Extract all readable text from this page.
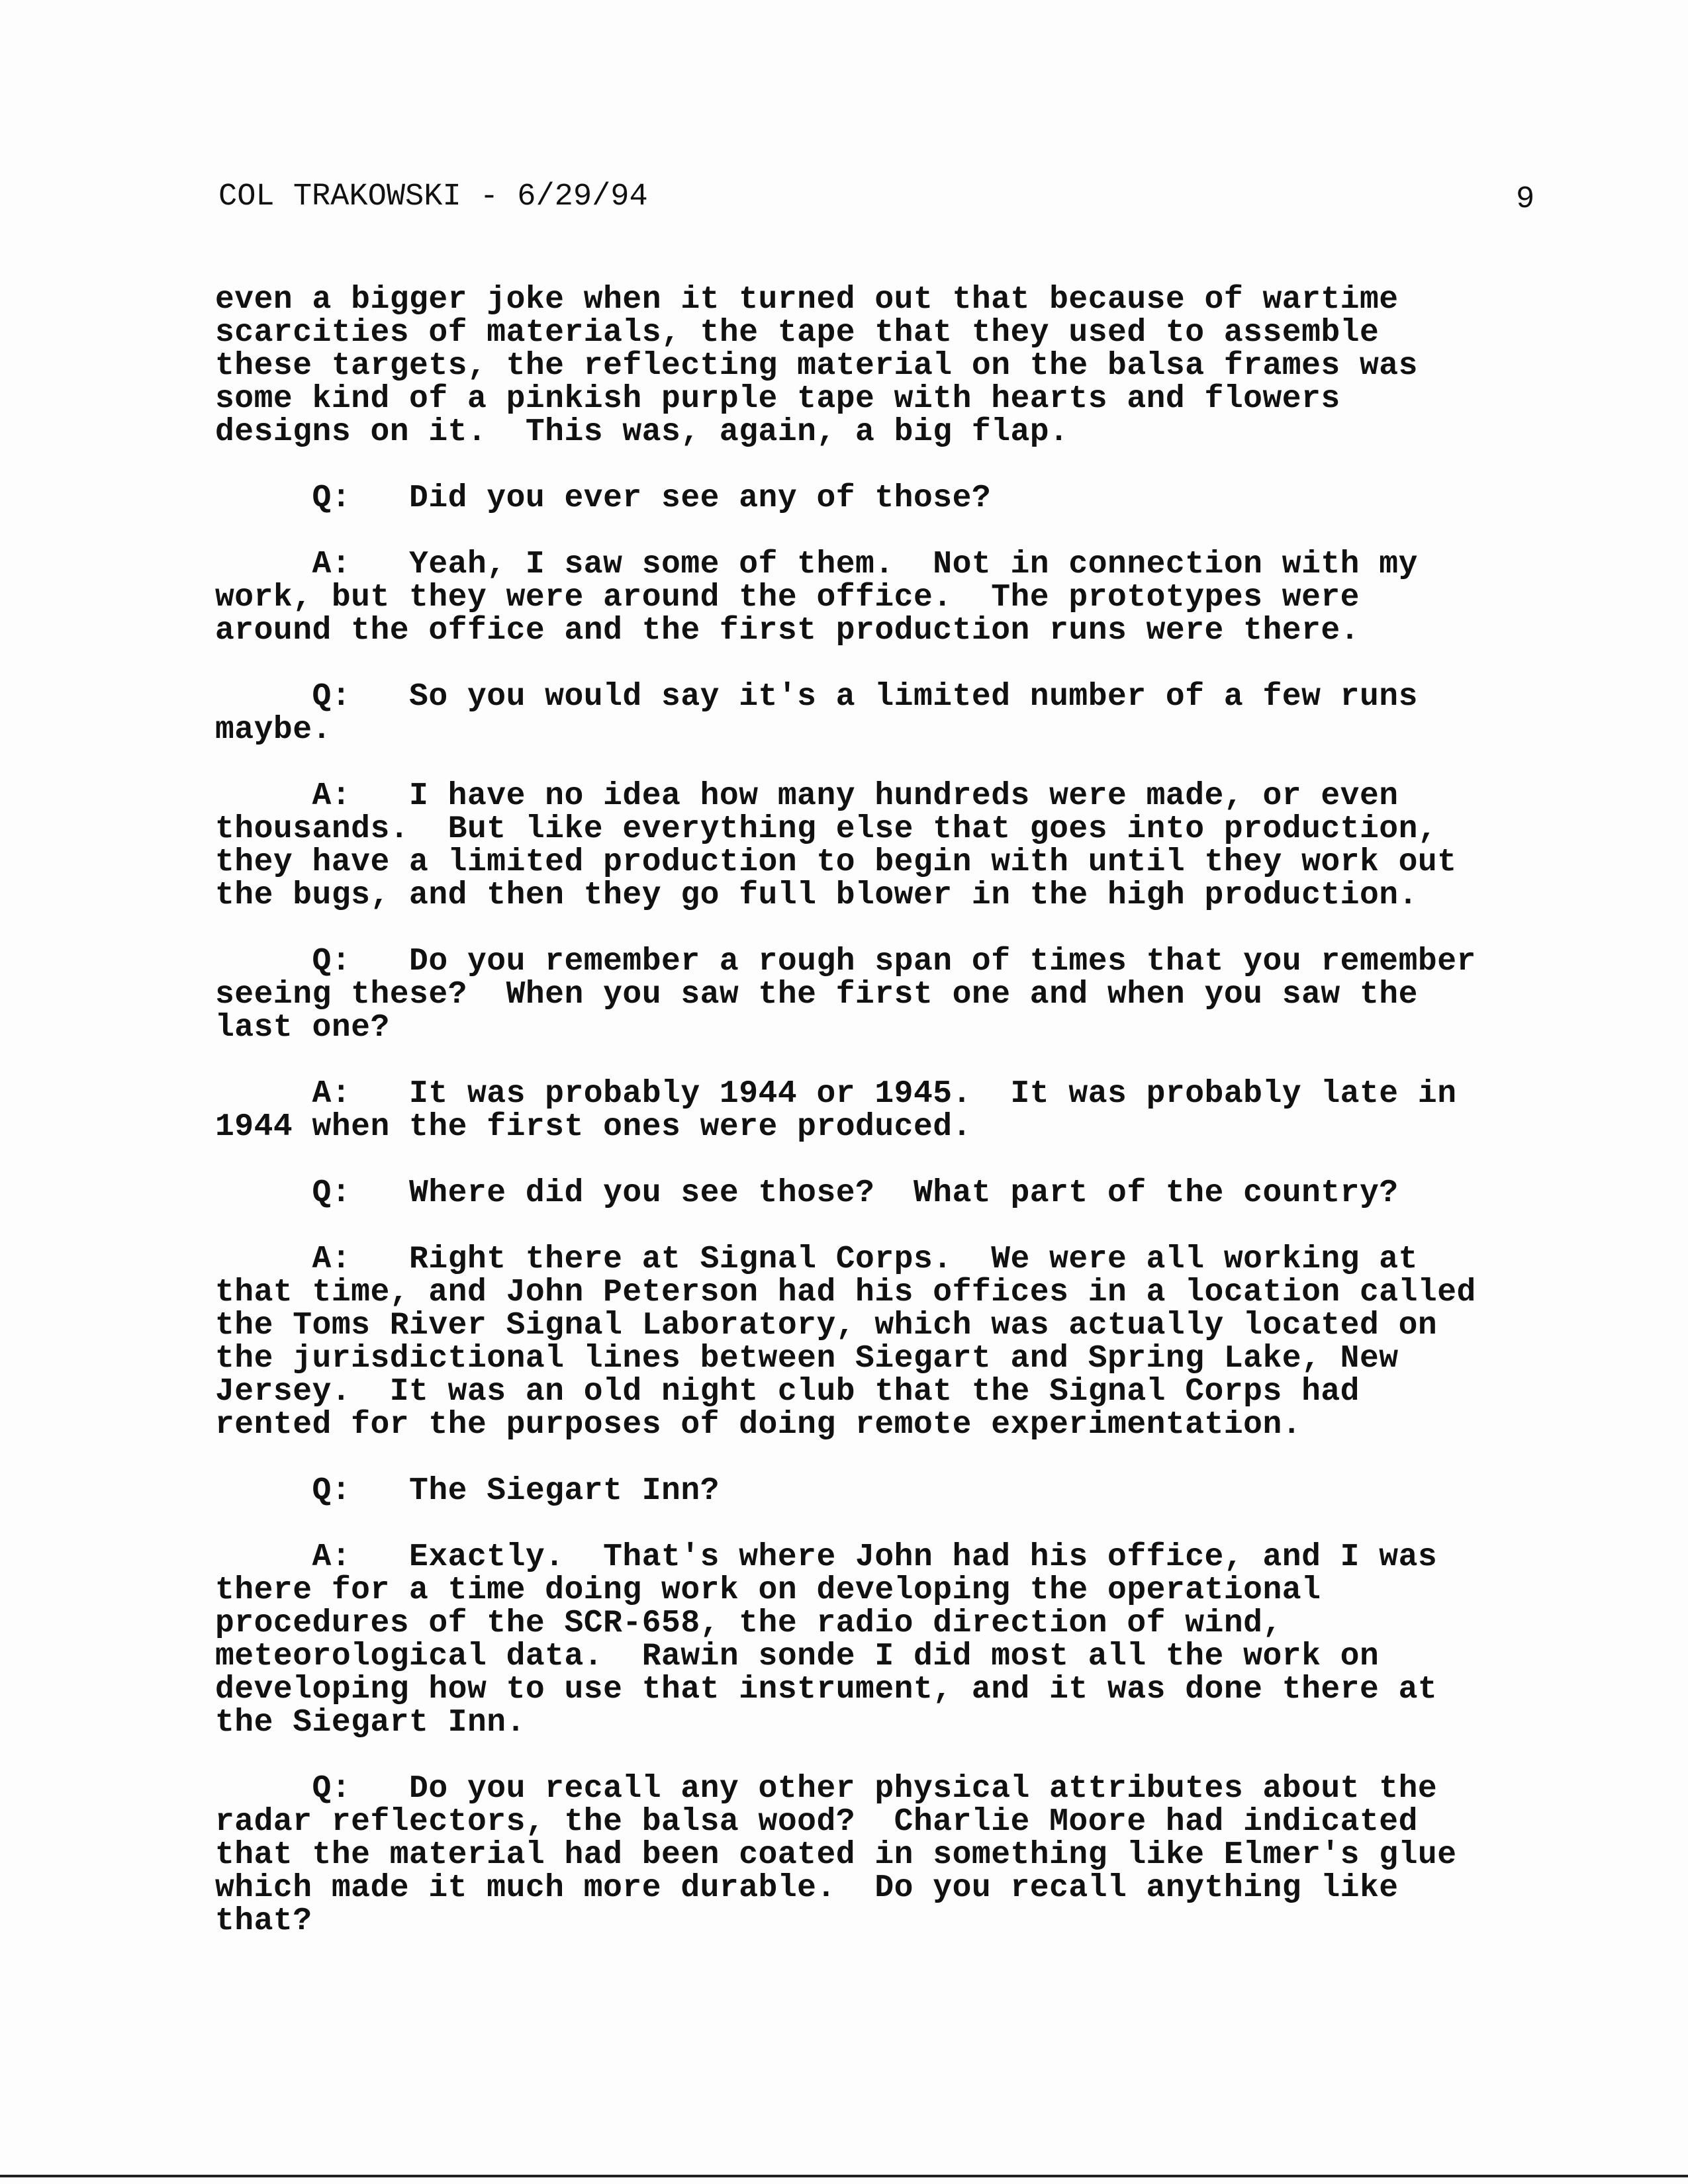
COL TRAKOWSKI - 6/29/94	9

even a bigger joke when it turned out that because of wartime
scarcities of materials, the tape that they used to assemble
these targets, the reflecting material on the balsa frames was
some kind of a pinkish purple tape with hearts and flowers
designs on it.  This was, again, a big flap.

Q:   Did you ever see any of those?

A:   Yeah, I saw some of them.  Not in connection with my
work, but they were around the office.  The prototypes were
around the office and the first production runs were there.

Q:   So you would say it's a limited number of a few runs
maybe.

A:   I have no idea how many hundreds were made, or even
thousands.  But like everything else that goes into production,
they have a limited production to begin with until they work out
the bugs, and then they go full blower in the high production.

Q:   Do you remember a rough span of times that you remember
seeing these?  When you saw the first one and when you saw the
last one?

A:   It was probably 1944 or 1945.  It was probably late in
1944 when the first ones were produced.

Q:   Where did you see those?  What part of the country?

A:   Right there at Signal Corps.  We were all working at
that time, and John Peterson had his offices in a location called
the Toms River Signal Laboratory, which was actually located on
the jurisdictional lines between Siegart and Spring Lake, New
Jersey.  It was an old night club that the Signal Corps had
rented for the purposes of doing remote experimentation.

Q:   The Siegart Inn?

A:   Exactly.  That's where John had his office, and I was
there for a time doing work on developing the operational
procedures of the SCR-658, the radio direction of wind,
meteorological data.  Rawin sonde I did most all the work on
developing how to use that instrument, and it was done there at
the Siegart Inn.

Q:   Do you recall any other physical attributes about the
radar reflectors, the balsa wood?  Charlie Moore had indicated
that the material had been coated in something like Elmer's glue
which made it much more durable.  Do you recall anything like
that?
